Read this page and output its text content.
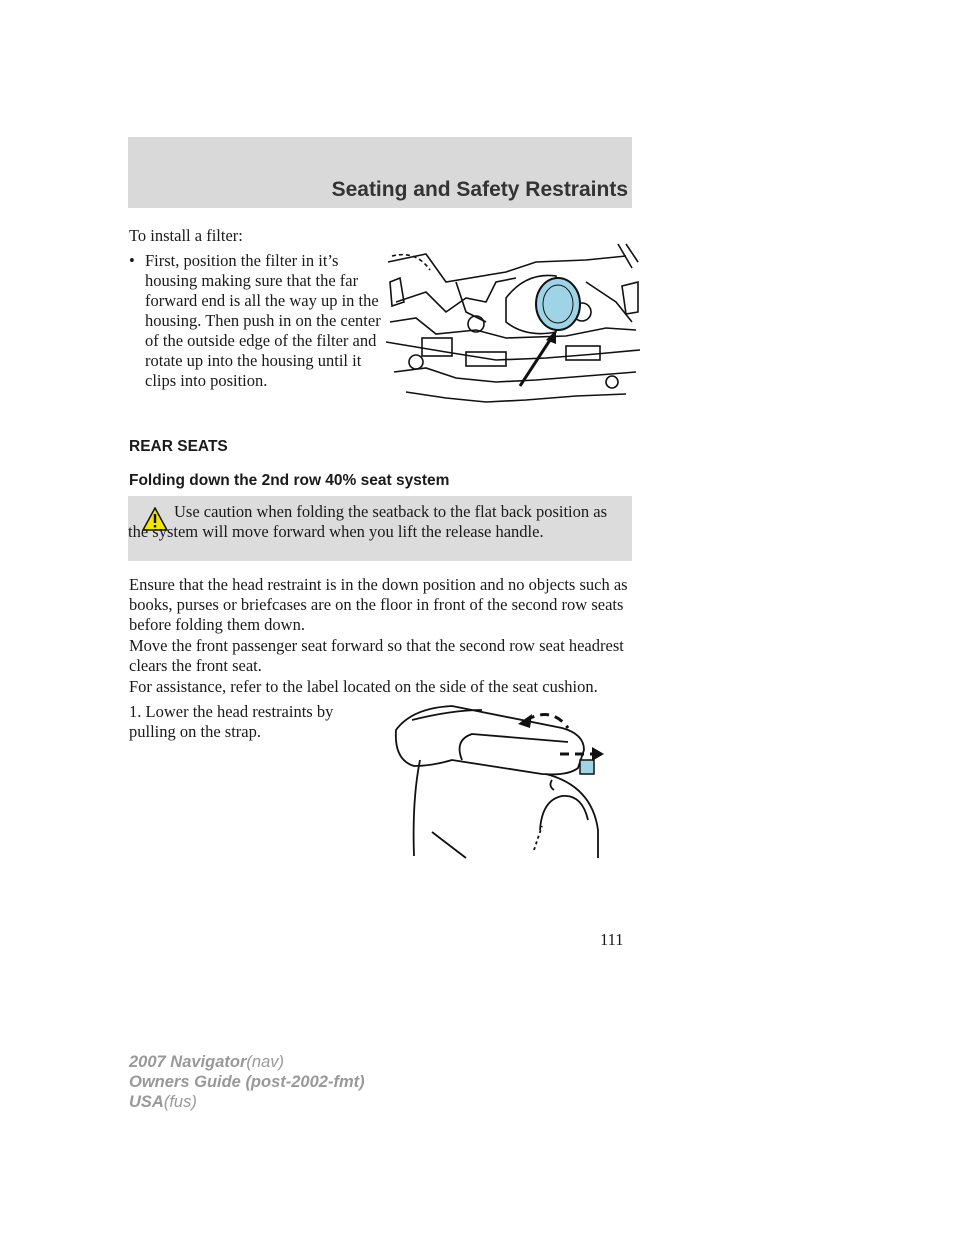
Seating and Safety Restraints
To install a filter:
• First, position the filter in it’s housing making sure that the far forward end is all the way up in the housing. Then push in on the center of the outside edge of the filter and rotate up into the housing until it clips into position.
REAR SEATS
Folding down the 2nd row 40% seat system
Use caution when folding the seatback to the flat back position as the system will move forward when you lift the release handle.
Ensure that the head restraint is in the down position and no objects such as books, purses or briefcases are on the floor in front of the second row seats before folding them down.
Move the front passenger seat forward so that the second row seat headrest clears the front seat.
For assistance, refer to the label located on the side of the seat cushion.
1. Lower the head restraints by pulling on the strap.
111
2007 Navigator(nav)
Owners Guide (post-2002-fmt)
USA(fus)
